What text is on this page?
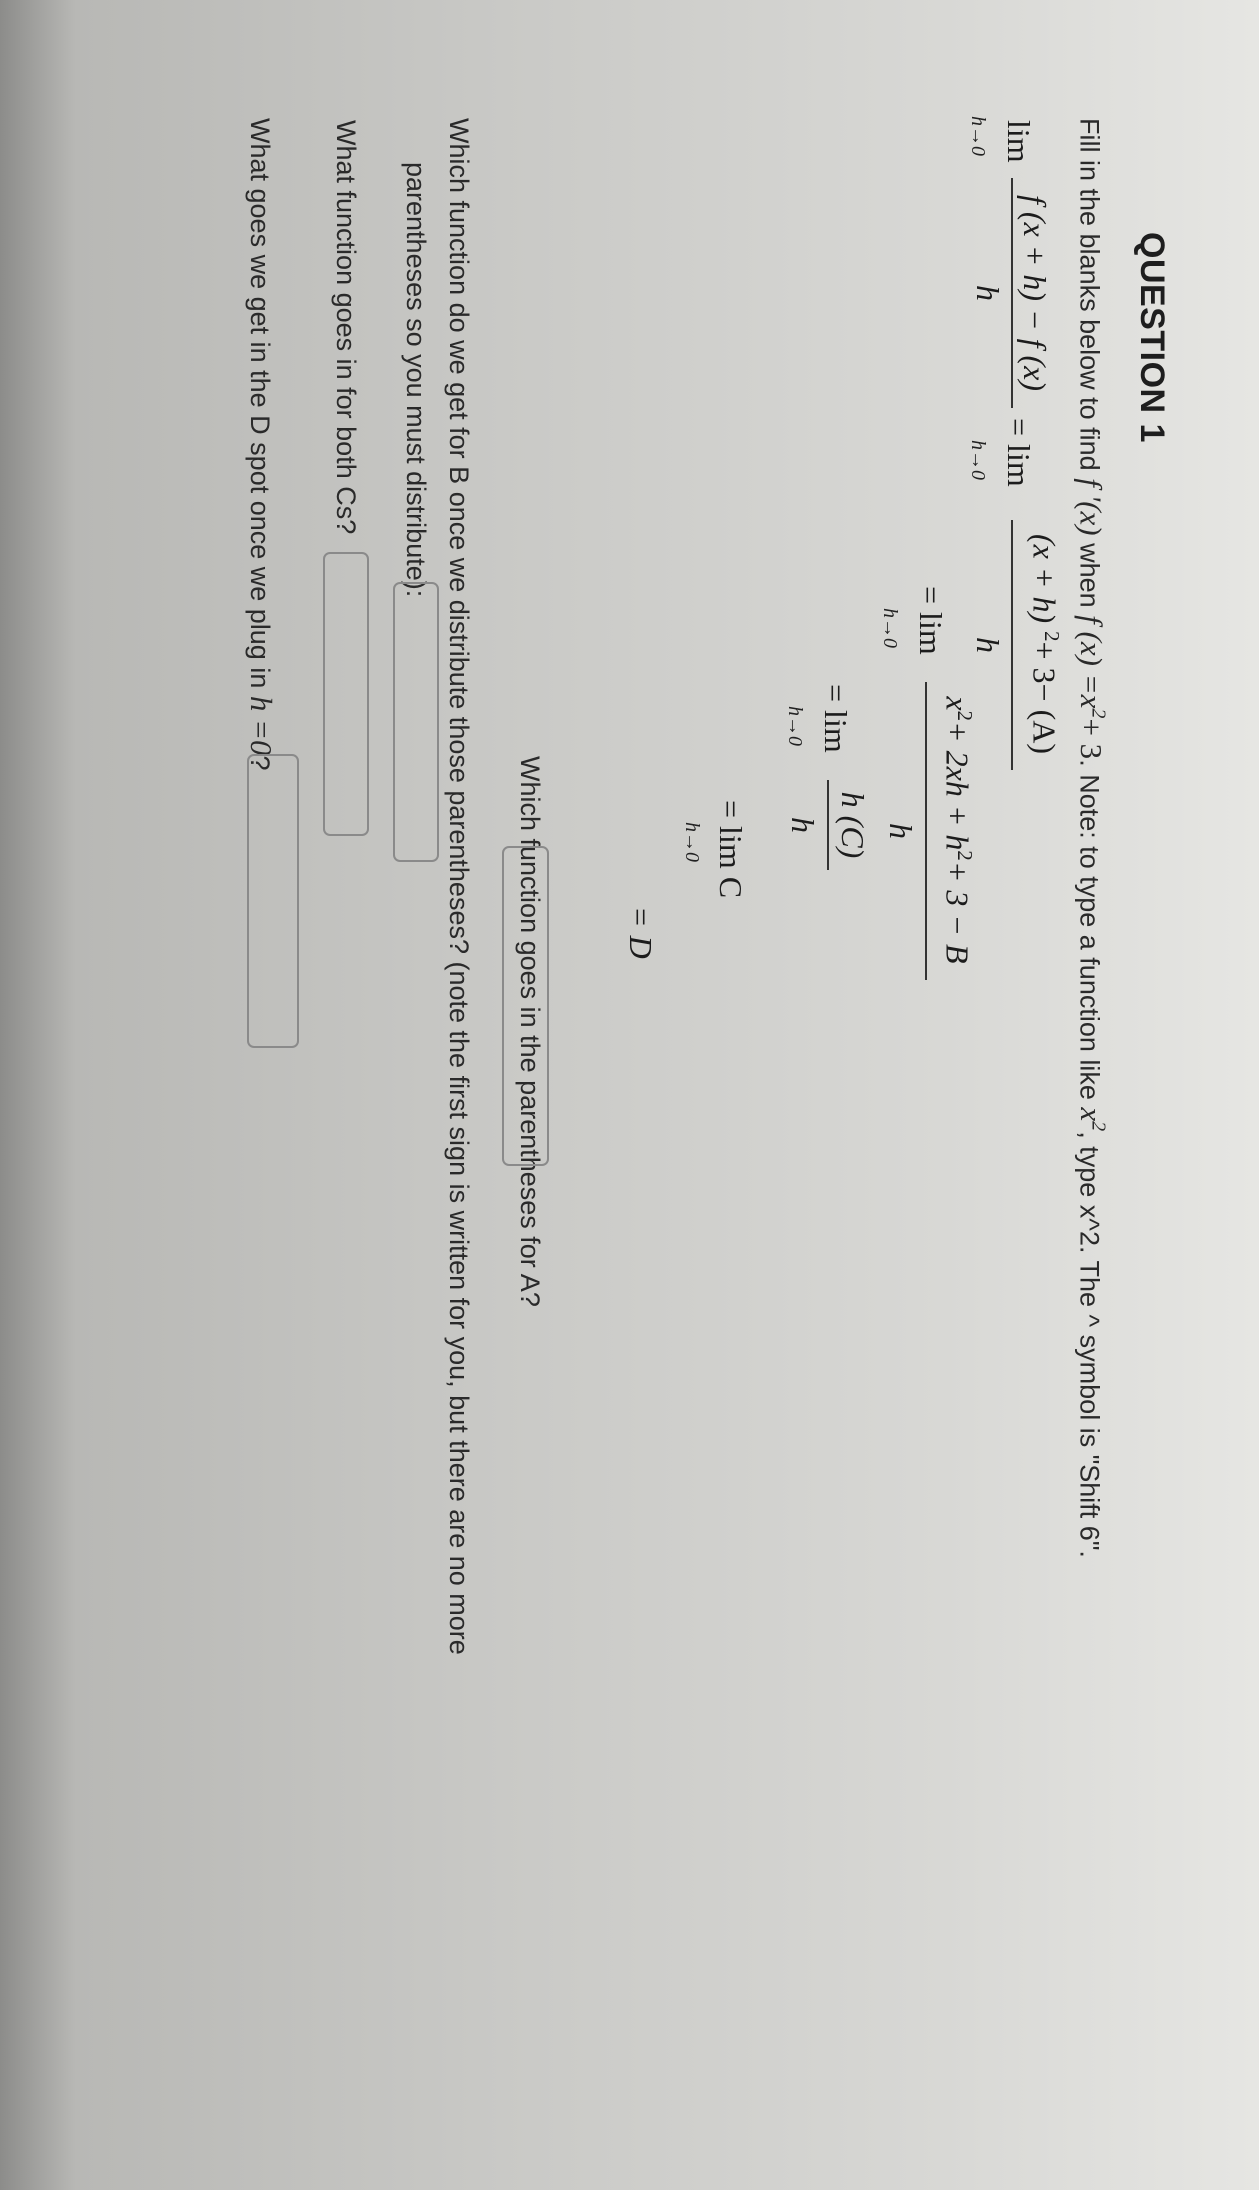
QUESTION 1
Fill in the blanks below to find f '(x) when f $(x) =x^2+ 3$. Note: to type a function like $x^2$, type x^2. The ^ symbol is "Shift 6".
lim
h→0
f (x + h) − f (x)
h
= lim
h→0
(x + h) $^2$+ 3− (A)
h
= lim
h→0
$x^2+ 2xh + h^2+ 3 - B$
h
= lim
h→0
h (C)
h
= lim C
h→0
= D
Which function goes in the parentheses for A?
Which function do we get for B once we distribute those parentheses? (note the first sign is written for you, but there are no more
parentheses so you must distribute):
What function goes in for both Cs?
What goes we get in the D spot once we plug in h =0?
